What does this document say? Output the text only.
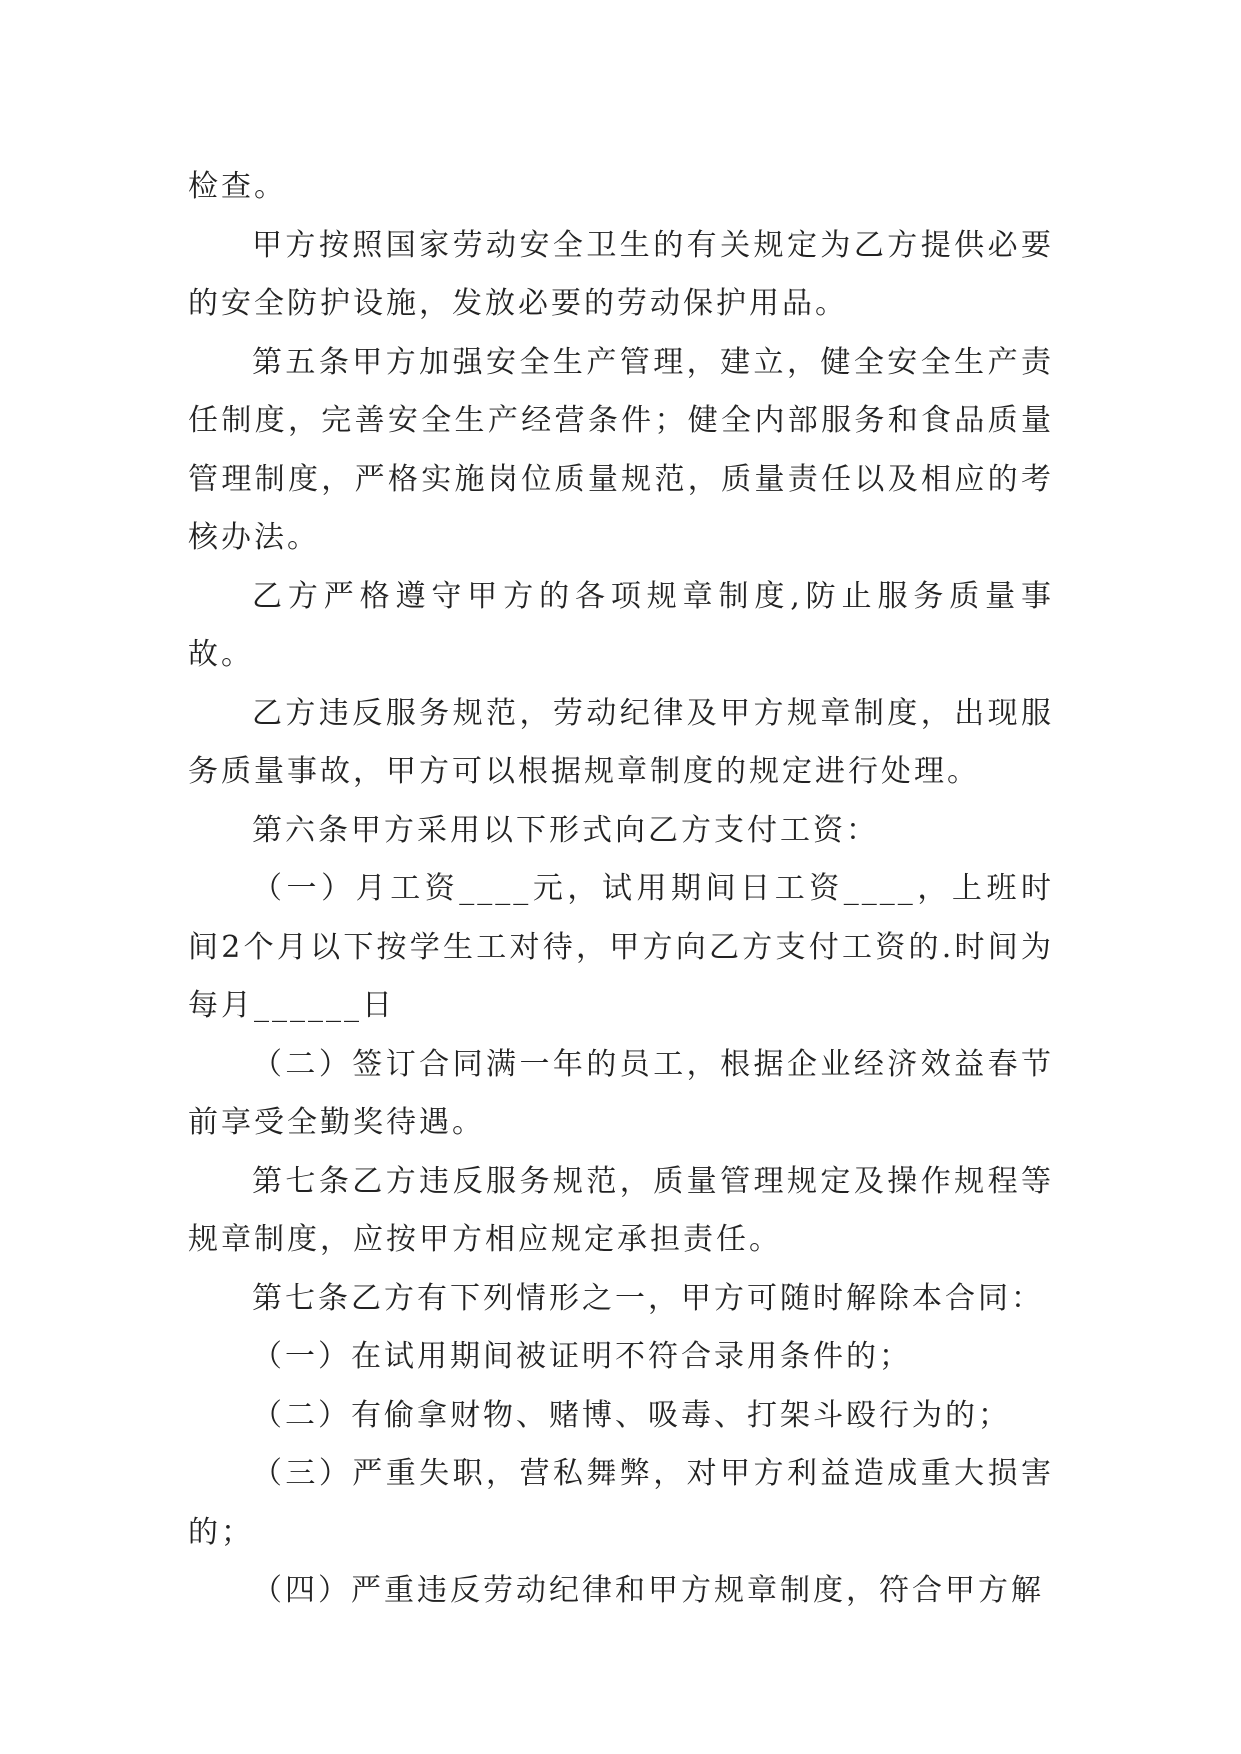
检查。

甲方按照国家劳动安全卫生的有关规定为乙方提供必要的安全防护设施，发放必要的劳动保护用品。

第五条甲方加强安全生产管理，建立，健全安全生产责任制度，完善安全生产经营条件；健全内部服务和食品质量管理制度，严格实施岗位质量规范，质量责任以及相应的考核办法。

乙方严格遵守甲方的各项规章制度,防止服务质量事故。

乙方违反服务规范，劳动纪律及甲方规章制度，出现服务质量事故，甲方可以根据规章制度的规定进行处理。

第六条甲方采用以下形式向乙方支付工资：

（一）月工资____元，试用期间日工资____，上班时间2个月以下按学生工对待，甲方向乙方支付工资的.时间为每月______日

（二）签订合同满一年的员工，根据企业经济效益春节前享受全勤奖待遇。

第七条乙方违反服务规范，质量管理规定及操作规程等规章制度，应按甲方相应规定承担责任。

第七条乙方有下列情形之一，甲方可随时解除本合同：

（一）在试用期间被证明不符合录用条件的；

（二）有偷拿财物、赌博、吸毒、打架斗殴行为的；

（三）严重失职，营私舞弊，对甲方利益造成重大损害的；

（四）严重违反劳动纪律和甲方规章制度，符合甲方解
